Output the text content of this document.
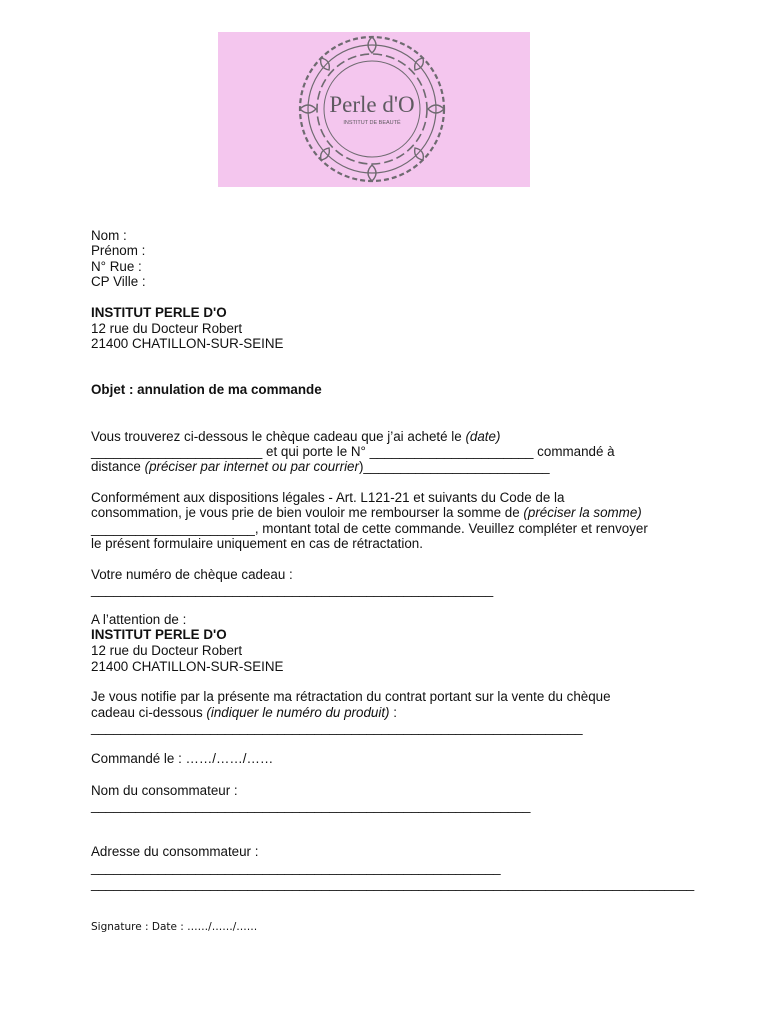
Perle d'O
INSTITUT DE BEAUTÉ
Nom :
Prénom :
N° Rue :
CP Ville :
INSTITUT PERLE D'O
12 rue du Docteur Robert
21400 CHATILLON-SUR-SEINE
Objet : annulation de ma commande
Vous trouverez ci-dessous le chèque cadeau que j’ai acheté le (date)
_______________________ et qui porte le N° ______________________ commandé à
distance (préciser par internet ou par courrier)_________________________
Conformément aux dispositions légales - Art. L121-21 et suivants du Code de la
consommation, je vous prie de bien vouloir me rembourser la somme de (préciser la somme)
______________________, montant total de cette commande. Veuillez compléter et renvoyer
le présent formulaire uniquement en cas de rétractation.
Votre numéro de chèque cadeau :
______________________________________________________
A l’attention de :
INSTITUT PERLE D'O
12 rue du Docteur Robert
21400 CHATILLON-SUR-SEINE
Je vous notifie par la présente ma rétractation du contrat portant sur la vente du chèque
cadeau ci-dessous (indiquer le numéro du produit) :
__________________________________________________________________
Commandé le : ……/……/……
Nom du consommateur :
___________________________________________________________
Adresse du consommateur :
_______________________________________________________
_________________________________________________________________________________
Signature : Date : ……/……/……
